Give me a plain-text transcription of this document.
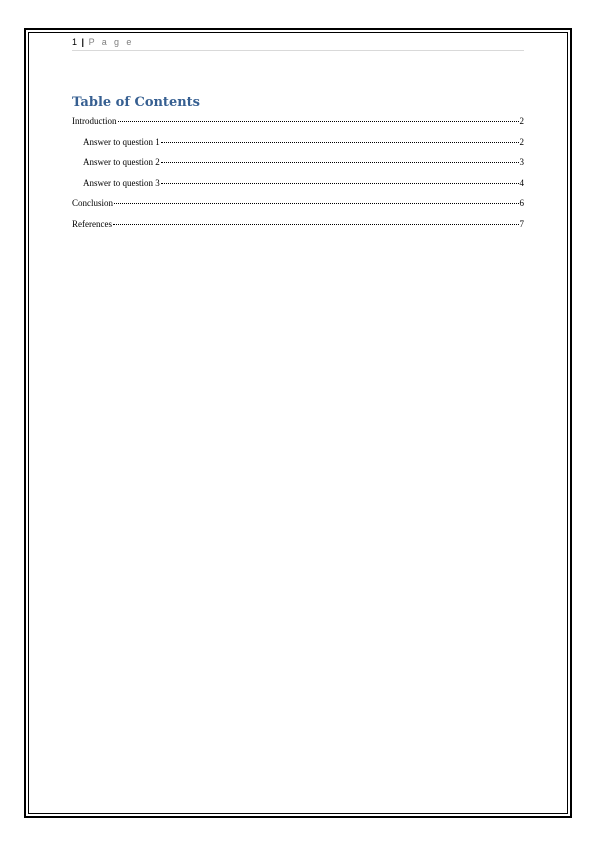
1 | P a g e
Table of Contents
Introduction	2
Answer to question 1	2
Answer to question 2	3
Answer to question 3	4
Conclusion	6
References	7
